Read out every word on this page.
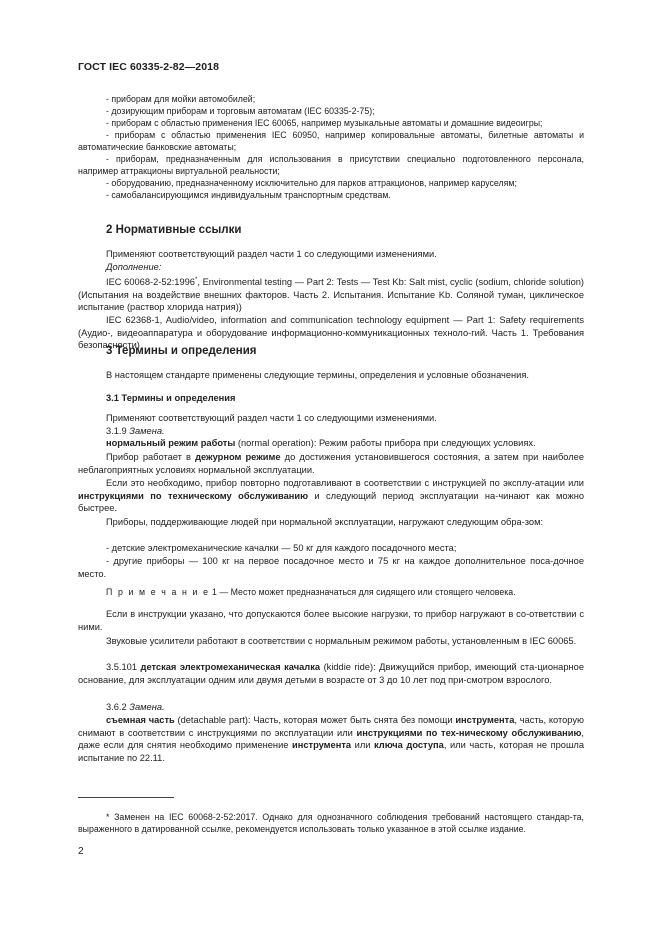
ГОСТ IEC 60335-2-82—2018
- приборам для мойки автомобилей;
- дозирующим приборам и торговым автоматам (IEC 60335-2-75);
- приборам с областью применения IEC 60065, например музыкальные автоматы и домашние видеоигры;
- приборам с областью применения IEC 60950, например копировальные автоматы, билетные автоматы и автоматические банковские автоматы;
- приборам, предназначенным для использования в присутствии специально подготовленного персонала, например аттракционы виртуальной реальности;
- оборудованию, предназначенному исключительно для парков аттракционов, например каруселям;
- самобалансирующимся индивидуальным транспортным средствам.
2 Нормативные ссылки
Применяют соответствующий раздел части 1 со следующими изменениями.
Дополнение:
IEC 60068-2-52:1996*, Environmental testing — Part 2: Tests — Test Kb: Salt mist, cyclic (sodium, chloride solution) (Испытания на воздействие внешних факторов. Часть 2. Испытания. Испытание Kb. Соляной туман, циклическое испытание (раствор хлорида натрия))
IEC 62368-1, Audio/video, information and communication technology equipment — Part 1: Safety requirements (Аудио-, видеоаппаратура и оборудование информационно-коммуникационных техноло-гий. Часть 1. Требования безопасности)
3 Термины и определения
В настоящем стандарте применены следующие термины, определения и условные обозначения.
3.1 Термины и определения
Применяют соответствующий раздел части 1 со следующими изменениями.
3.1.9 Замена.
нормальный режим работы (normal operation): Режим работы прибора при следующих условиях.
Прибор работает в дежурном режиме до достижения установившегося состояния, а затем при наиболее неблагоприятных условиях нормальной эксплуатации.
Если это необходимо, прибор повторно подготавливают в соответствии с инструкцией по эксплу-атации или инструкциями по техническому обслуживанию и следующий период эксплуатации на-чинают как можно быстрее.
Приборы, поддерживающие людей при нормальной эксплуатации, нагружают следующим обра-зом:
- детские электромеханические качалки — 50 кг для каждого посадочного места;
- другие приборы — 100 кг на первое посадочное место и 75 кг на каждое дополнительное поса-дочное место.
П р и м е ч а н и е 1 — Место может предназначаться для сидящего или стоящего человека.
Если в инструкции указано, что допускаются более высокие нагрузки, то прибор нагружают в со-ответствии с ними.
Звуковые усилители работают в соответствии с нормальным режимом работы, установленным в IEC 60065.
3.5.101 детская электромеханическая качалка (kiddie ride): Движущийся прибор, имеющий ста-ционарное основание, для эксплуатации одним или двумя детьми в возрасте от 3 до 10 лет под при-смотром взрослого.
3.6.2 Замена.
съемная часть (detachable part): Часть, которая может быть снята без помощи инструмента, часть, которую снимают в соответствии с инструкциями по эксплуатации или инструкциями по тех-ническому обслуживанию, даже если для снятия необходимо применение инструмента или ключа доступа, или часть, которая не прошла испытание по 22.11.
* Заменен на IEC 60068-2-52:2017. Однако для однозначного соблюдения требований настоящего стандар-та, выраженного в датированной ссылке, рекомендуется использовать только указанное в этой ссылке издание.
2
